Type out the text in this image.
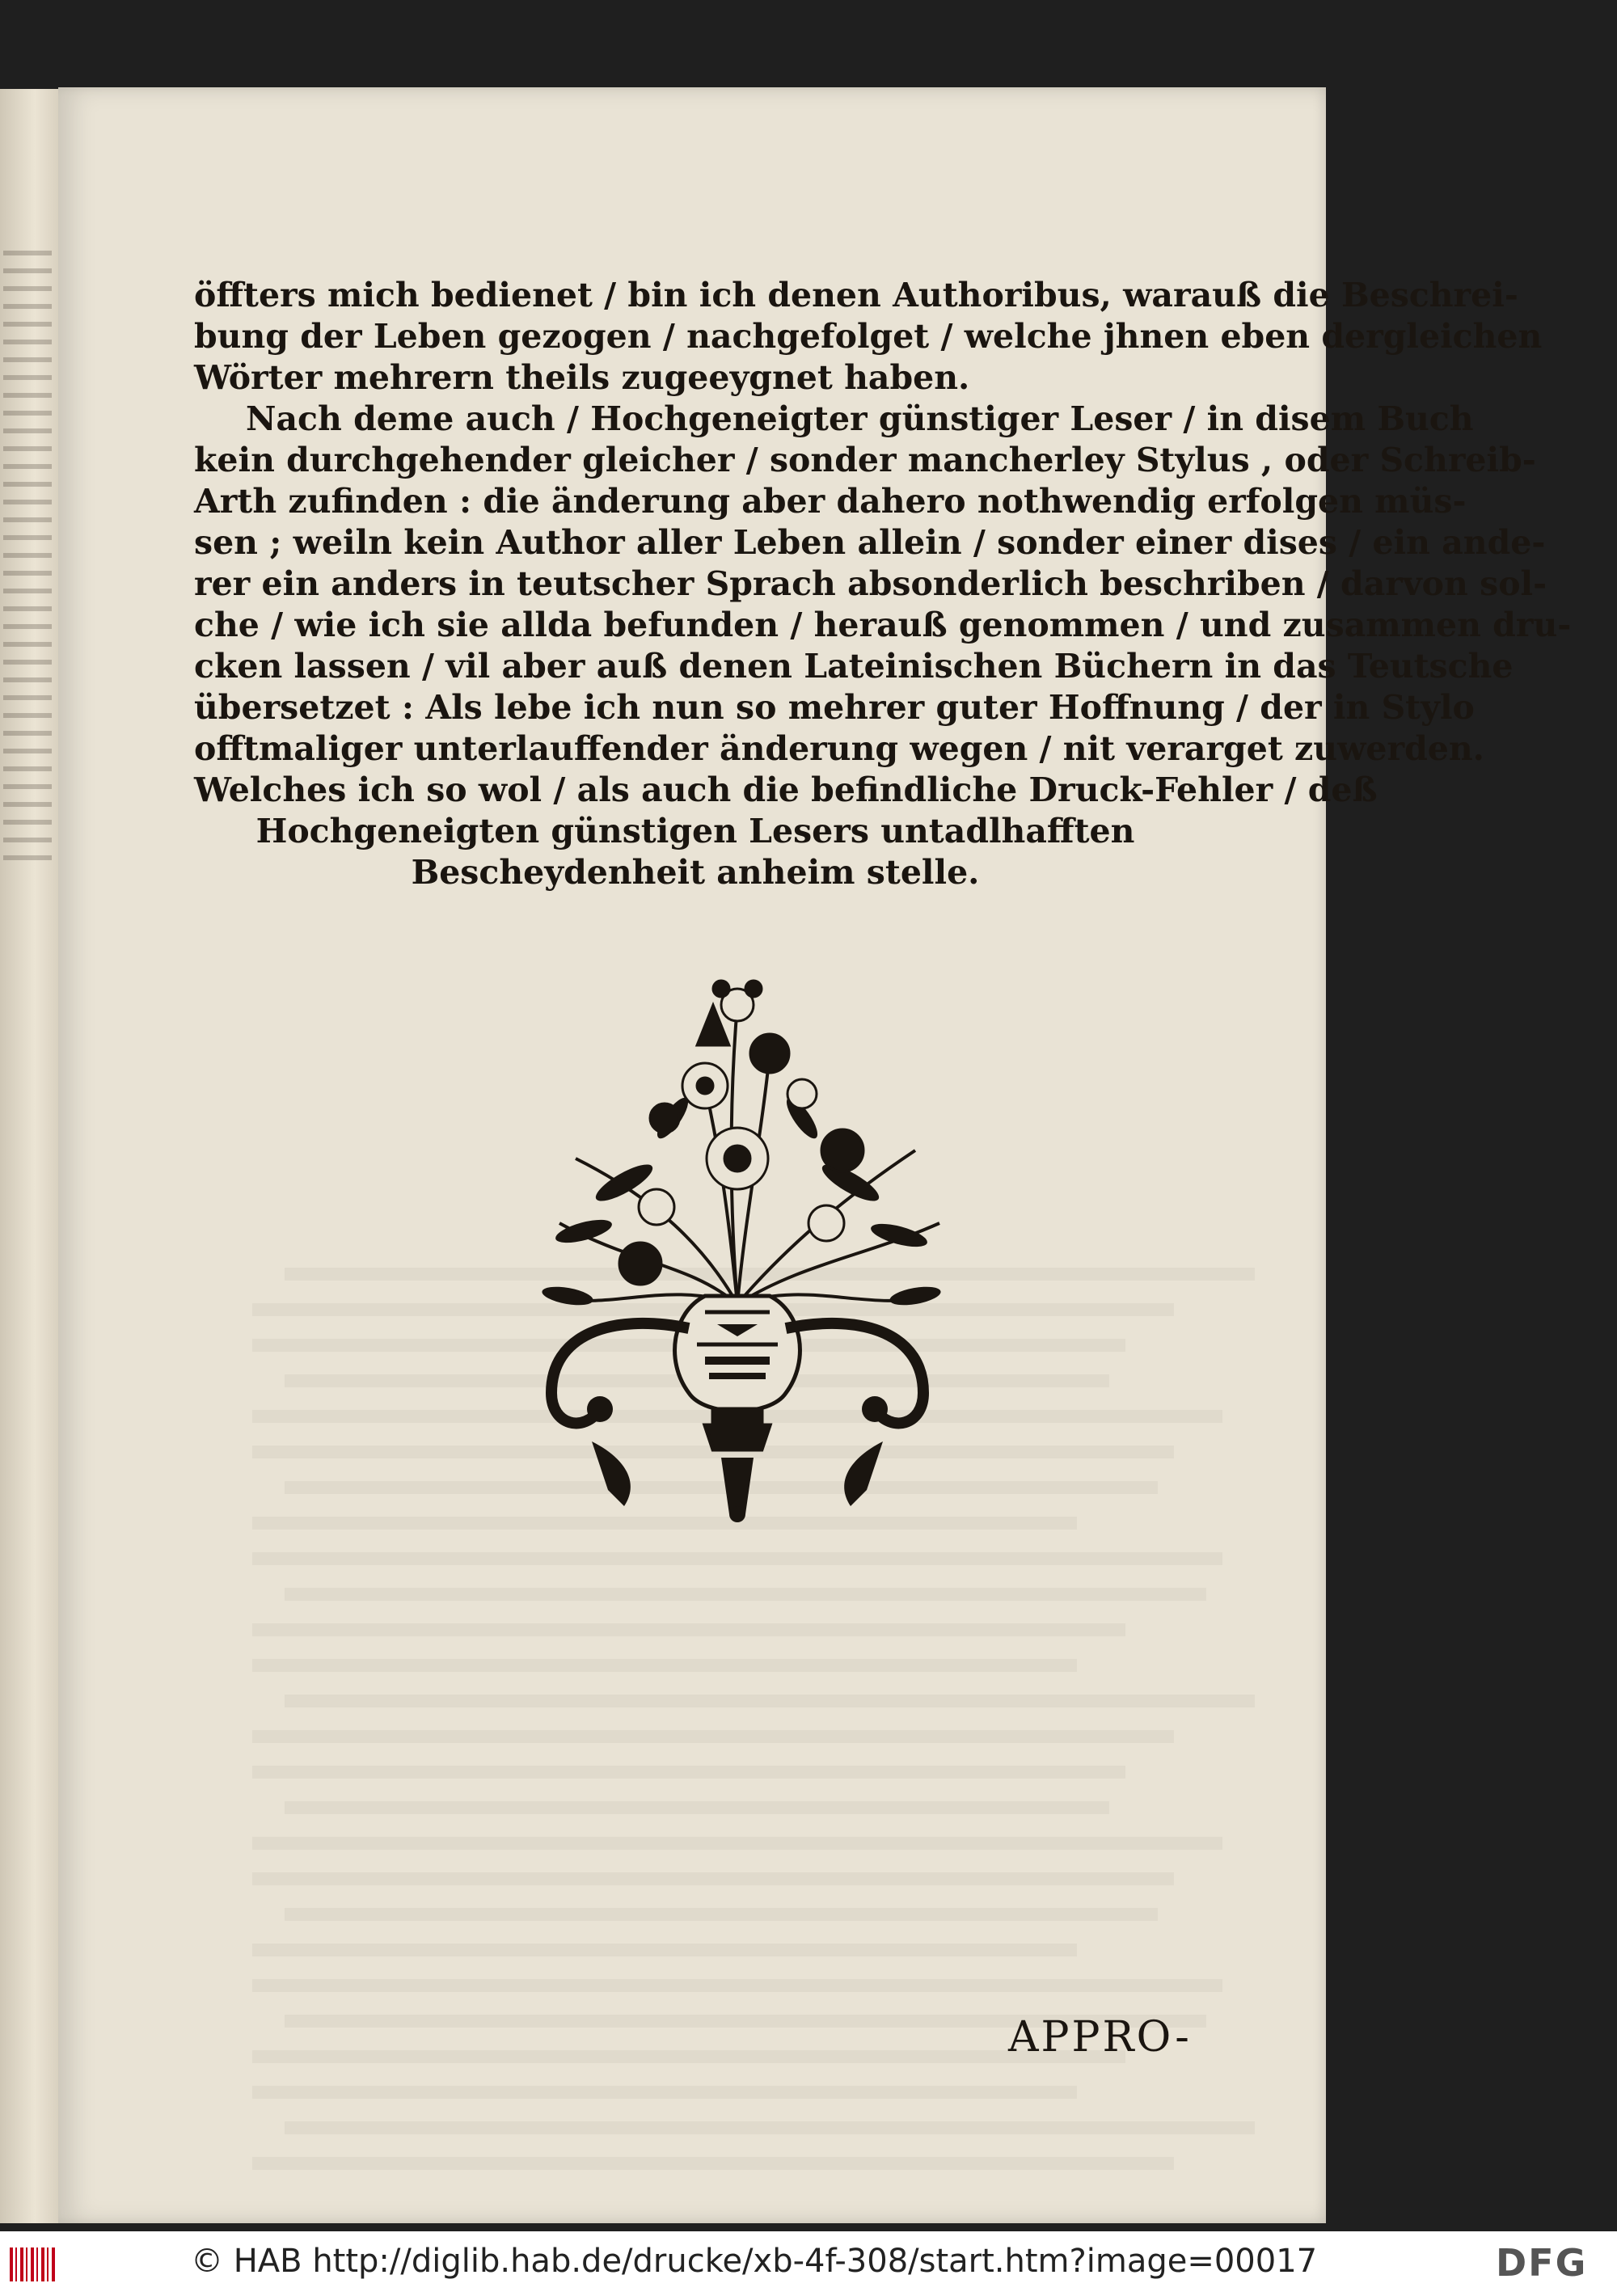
öffters mich bedienet / bin ich denen Authoribus, warauß die Beschrei-
bung der Leben gezogen / nachgefolget / welche jhnen eben dergleichen
Wörter mehrern theils zugeeygnet haben.
Nach deme auch / Hochgeneigter günstiger Leser / in disem Buch
kein durchgehender gleicher / sonder mancherley Stylus , oder Schreib-
Arth zufinden : die änderung aber dahero nothwendig erfolgen müs-
sen ; weiln kein Author aller Leben allein / sonder einer dises / ein ande-
rer ein anders in teutscher Sprach absonderlich beschriben / darvon sol-
che / wie ich sie allda befunden / herauß genommen / und zusammen dru-
cken lassen / vil aber auß denen Lateinischen Büchern in das Teutsche
übersetzet : Als lebe ich nun so mehrer guter Hoffnung / der in Stylo
offtmaliger unterlauffender änderung wegen / nit verarget zuwerden.
Welches ich so wol / als auch die befindliche Druck-Fehler / deß
Hochgeneigten günstigen Lesers untadlhafften
Bescheydenheit anheim stelle.
APPRO-
© HAB http://diglib.hab.de/drucke/xb-4f-308/start.htm?image=00017	DFG
